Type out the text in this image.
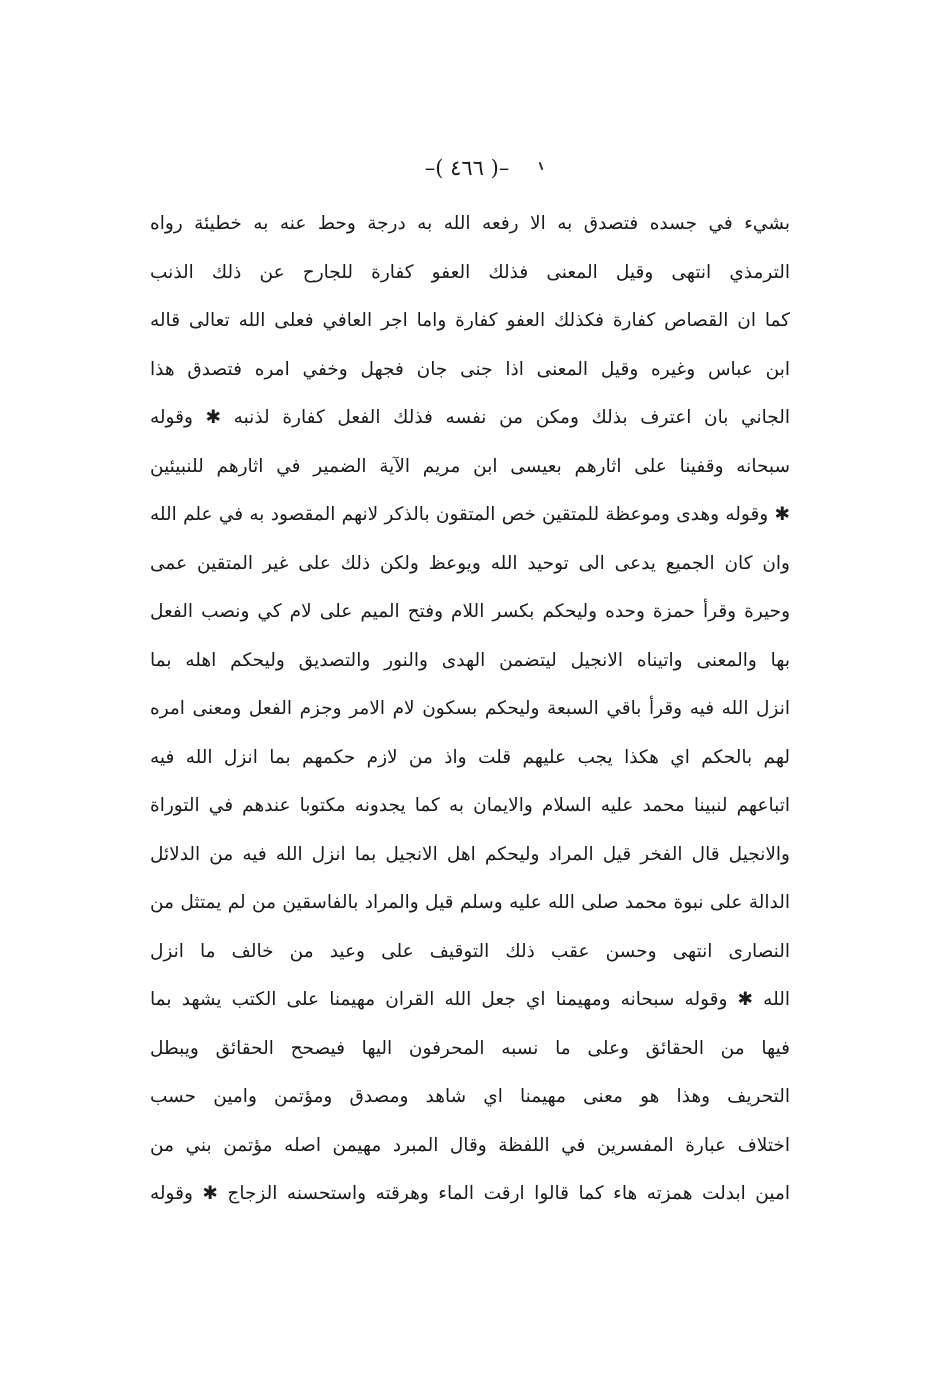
–( ٤٦٦ )–
بشيء في جسده فتصدق به الا رفعه الله به درجة وحط عنه به خطيئة رواه
الترمذي انتهى وقيل المعنى فذلك العفو كفارة للجارح عن ذلك الذنب
كما ان القصاص كفارة فكذلك العفو كفارة واما اجر العافي فعلى الله تعالى قاله
ابن عباس وغيره وقيل المعنى اذا جنى جان فجهل وخفي امره فتصدق هذا
الجاني بان اعترف بذلك ومكن من نفسه فذلك الفعل كفارة لذنبه ✱ وقوله
سبحانه وقفينا على اثارهم بعيسى ابن مريم الآية الضمير في اثارهم للنبيئين
✱ وقوله وهدى وموعظة للمتقين خص المتقون بالذكر لانهم المقصود به في علم الله
وان كان الجميع يدعى الى توحيد الله ويوعظ ولكن ذلك على غير المتقين عمى
وحيرة وقرأ حمزة وحده وليحكم بكسر اللام وفتح الميم على لام كي ونصب الفعل
بها والمعنى واتيناه الانجيل ليتضمن الهدى والنور والتصديق وليحكم اهله بما
انزل الله فيه وقرأ باقي السبعة وليحكم بسكون لام الامر وجزم الفعل ومعنى امره
لهم بالحكم اي هكذا يجب عليهم قلت واذ من لازم حكمهم بما انزل الله فيه
اتباعهم لنبينا محمد عليه السلام والايمان به كما يجدونه مكتوبا عندهم في التوراة
والانجيل قال الفخر قيل المراد وليحكم اهل الانجيل بما انزل الله فيه من الدلائل
الدالة على نبوة محمد صلى الله عليه وسلم قيل والمراد بالفاسقين من لم يمتثل من
النصارى انتهى وحسن عقب ذلك التوقيف على وعيد من خالف ما انزل
الله ✱ وقوله سبحانه ومهيمنا اي جعل الله القران مهيمنا على الكتب يشهد بما
فيها من الحقائق وعلى ما نسبه المحرفون اليها فيصحح الحقائق ويبطل
التحريف وهذا هو معنى مهيمنا اي شاهد ومصدق ومؤتمن وامين حسب
اختلاف عبارة المفسرين في اللفظة وقال المبرد مهيمن اصله مؤتمن بني من
امين ابدلت همزته هاء كما قالوا ارقت الماء وهرقته واستحسنه الزجاج ✱ وقوله
